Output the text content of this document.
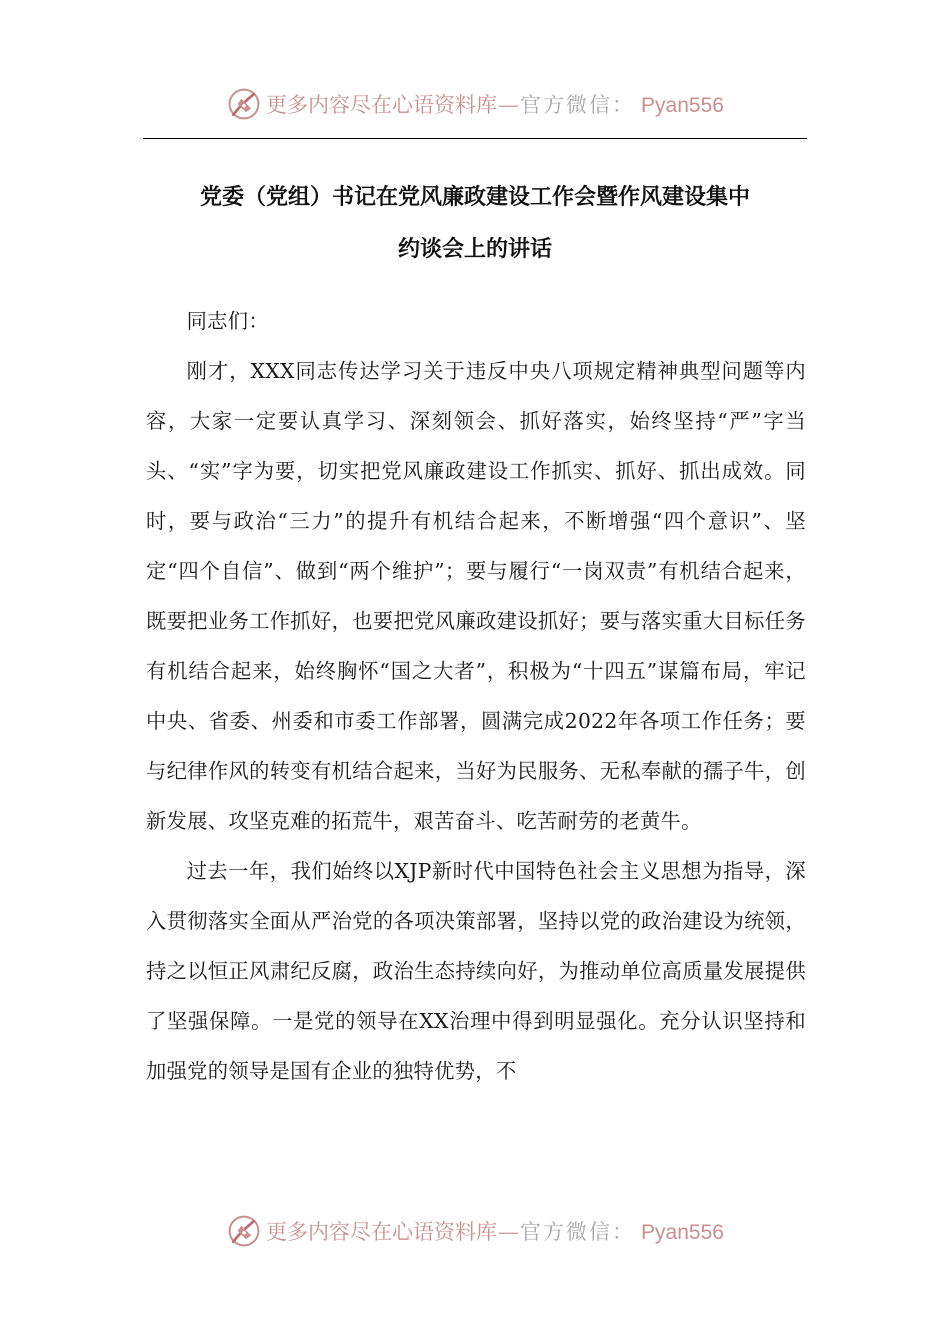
更多内容尽在心语资料库 — 官方微信 ： Pyan556
党委（党组）书记在党风廉政建设工作会暨作风建设集中
约谈会上的讲话

同志们：

刚才，XXX同志传达学习关于违反中央八项规定精神典型问题等内容，大家一定要认真学习、深刻领会、抓好落实，始终坚持“严”字当头、“实”字为要，切实把党风廉政建设工作抓实、抓好、抓出成效。同时，要与政治“三力”的提升有机结合起来，不断增强“四个意识”、坚定“四个自信”、做到“两个维护”；要与履行“一岗双责”有机结合起来，既要把业务工作抓好，也要把党风廉政建设抓好；要与落实重大目标任务有机结合起来，始终胸怀“国之大者”，积极为“十四五”谋篇布局，牢记中央、省委、州委和市委工作部署，圆满完成2022年各项工作任务；要与纪律作风的转变有机结合起来，当好为民服务、无私奉献的孺子牛，创新发展、攻坚克难的拓荒牛，艰苦奋斗、吃苦耐劳的老黄牛。

过去一年，我们始终以XJP新时代中国特色社会主义思想为指导，深入贯彻落实全面从严治党的各项决策部署，坚持以党的政治建设为统领，持之以恒正风肃纪反腐，政治生态持续向好，为推动单位高质量发展提供了坚强保障。一是党的领导在XX治理中得到明显强化。充分认识坚持和加强党的领导是国有企业的独特优势，不

更多内容尽在心语资料库 — 官方微信 ： Pyan556
